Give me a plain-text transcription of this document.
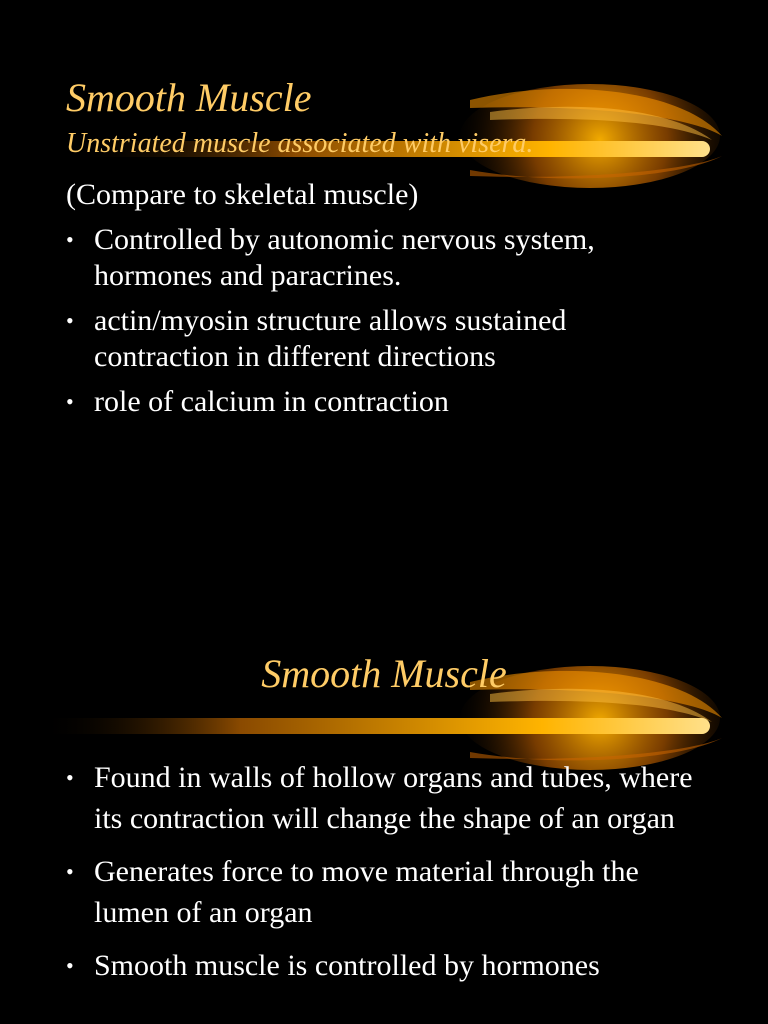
Smooth Muscle
Unstriated muscle associated with visera.
(Compare to skeletal muscle)
• Controlled by autonomic nervous system, hormones and paracrines.
• actin/myosin structure allows sustained contraction in different directions
• role of calcium in contraction
Smooth Muscle
• Found in walls of hollow organs and tubes, where its contraction will change the shape of an organ
• Generates force to move material through the lumen of an organ
• Smooth muscle is controlled by hormones
